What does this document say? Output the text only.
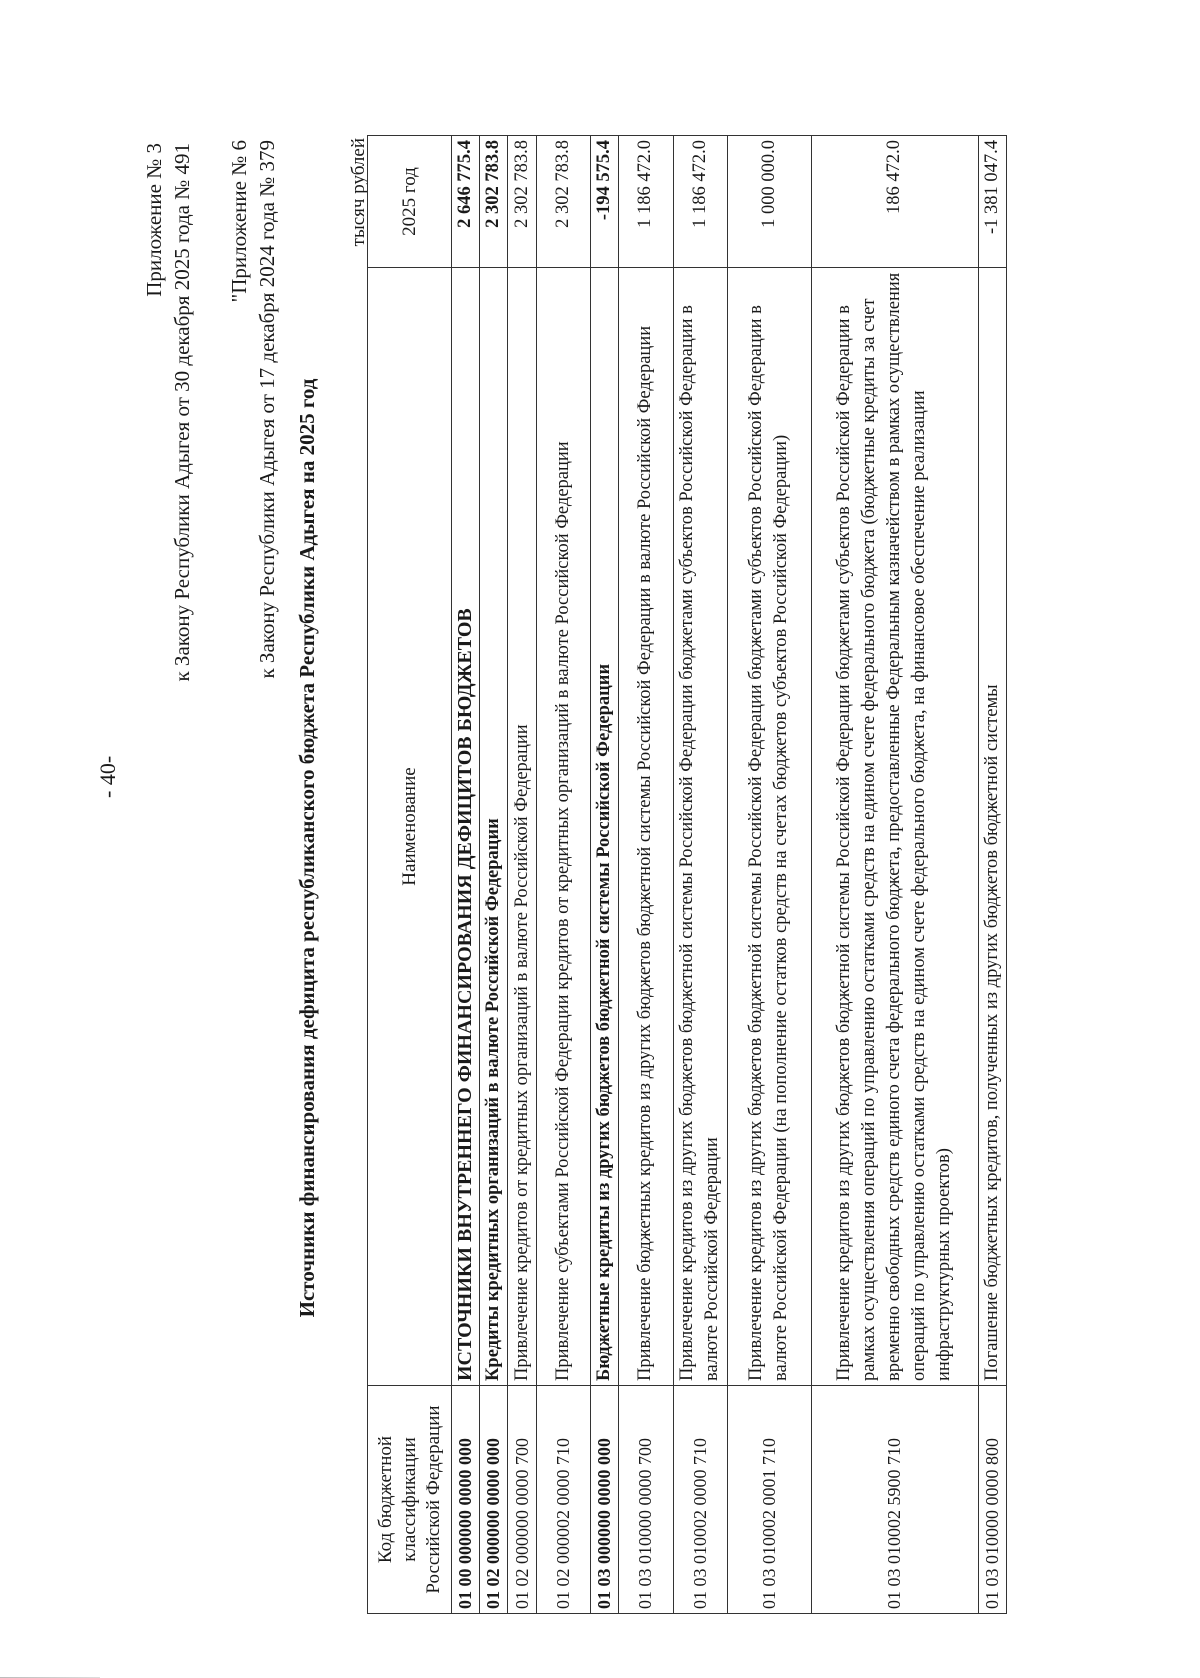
- 40-
Приложение № 3 к Закону Республики Адыгея от 30 декабря 2025 года № 491 "Приложение № 6 к Закону Республики Адыгея от 17 декабря 2024 года № 379 Источники финансирования дефицита республиканского бюджета Республики Адыгея на 2025 год
тысяч рублей
Код бюджетной классификации Российской Федерации	Наименование	2025 год
01 00 000000 0000 000	ИСТОЧНИКИ ВНУТРЕННЕГО ФИНАНСИРОВАНИЯ ДЕФИЦИТОВ БЮДЖЕТОВ	2 646 775.4
01 02 000000 0000 000	Кредиты кредитных организаций в валюте Российской Федерации	2 302 783.8
01 02 000000 0000 700	Привлечение кредитов от кредитных организаций в валюте Российской Федерации	2 302 783.8
01 02 000002 0000 710	Привлечение субъектами Российской Федерации кредитов от кредитных организаций в валюте Российской Федерации	2 302 783.8
01 03 000000 0000 000	Бюджетные кредиты из других бюджетов бюджетной системы Российской Федерации	-194 575.4
01 03 010000 0000 700	Привлечение бюджетных кредитов из других бюджетов бюджетной системы Российской Федерации в валюте Российской Федерации	1 186 472.0
01 03 010002 0000 710	Привлечение кредитов из других бюджетов бюджетной системы Российской Федерации бюджетами субъектов Российской Федерации в валюте Российской Федерации	1 186 472.0
01 03 010002 0001 710	Привлечение кредитов из других бюджетов бюджетной системы Российской Федерации бюджетами субъектов Российской Федерации в валюте Российской Федерации (на пополнение остатков средств на счетах бюджетов субъектов Российской Федерации)	1 000 000.0
01 03 010002 5900 710	Привлечение кредитов из других бюджетов бюджетной системы Российской Федерации бюджетами субъектов Российской Федерации в рамках осуществления операций по управлению остатками средств на едином счете федерального бюджета (бюджетные кредиты за счет временно свободных средств единого счета федерального бюджета, предоставленные Федеральным казначейством в рамках осуществления операций по управлению остатками средств на едином счете федерального бюджета, на финансовое обеспечение реализации инфраструктурных проектов)	186 472.0
01 03 010000 0000 800	Погашение бюджетных кредитов, полученных из других бюджетов бюджетной системы	-1 381 047.4
